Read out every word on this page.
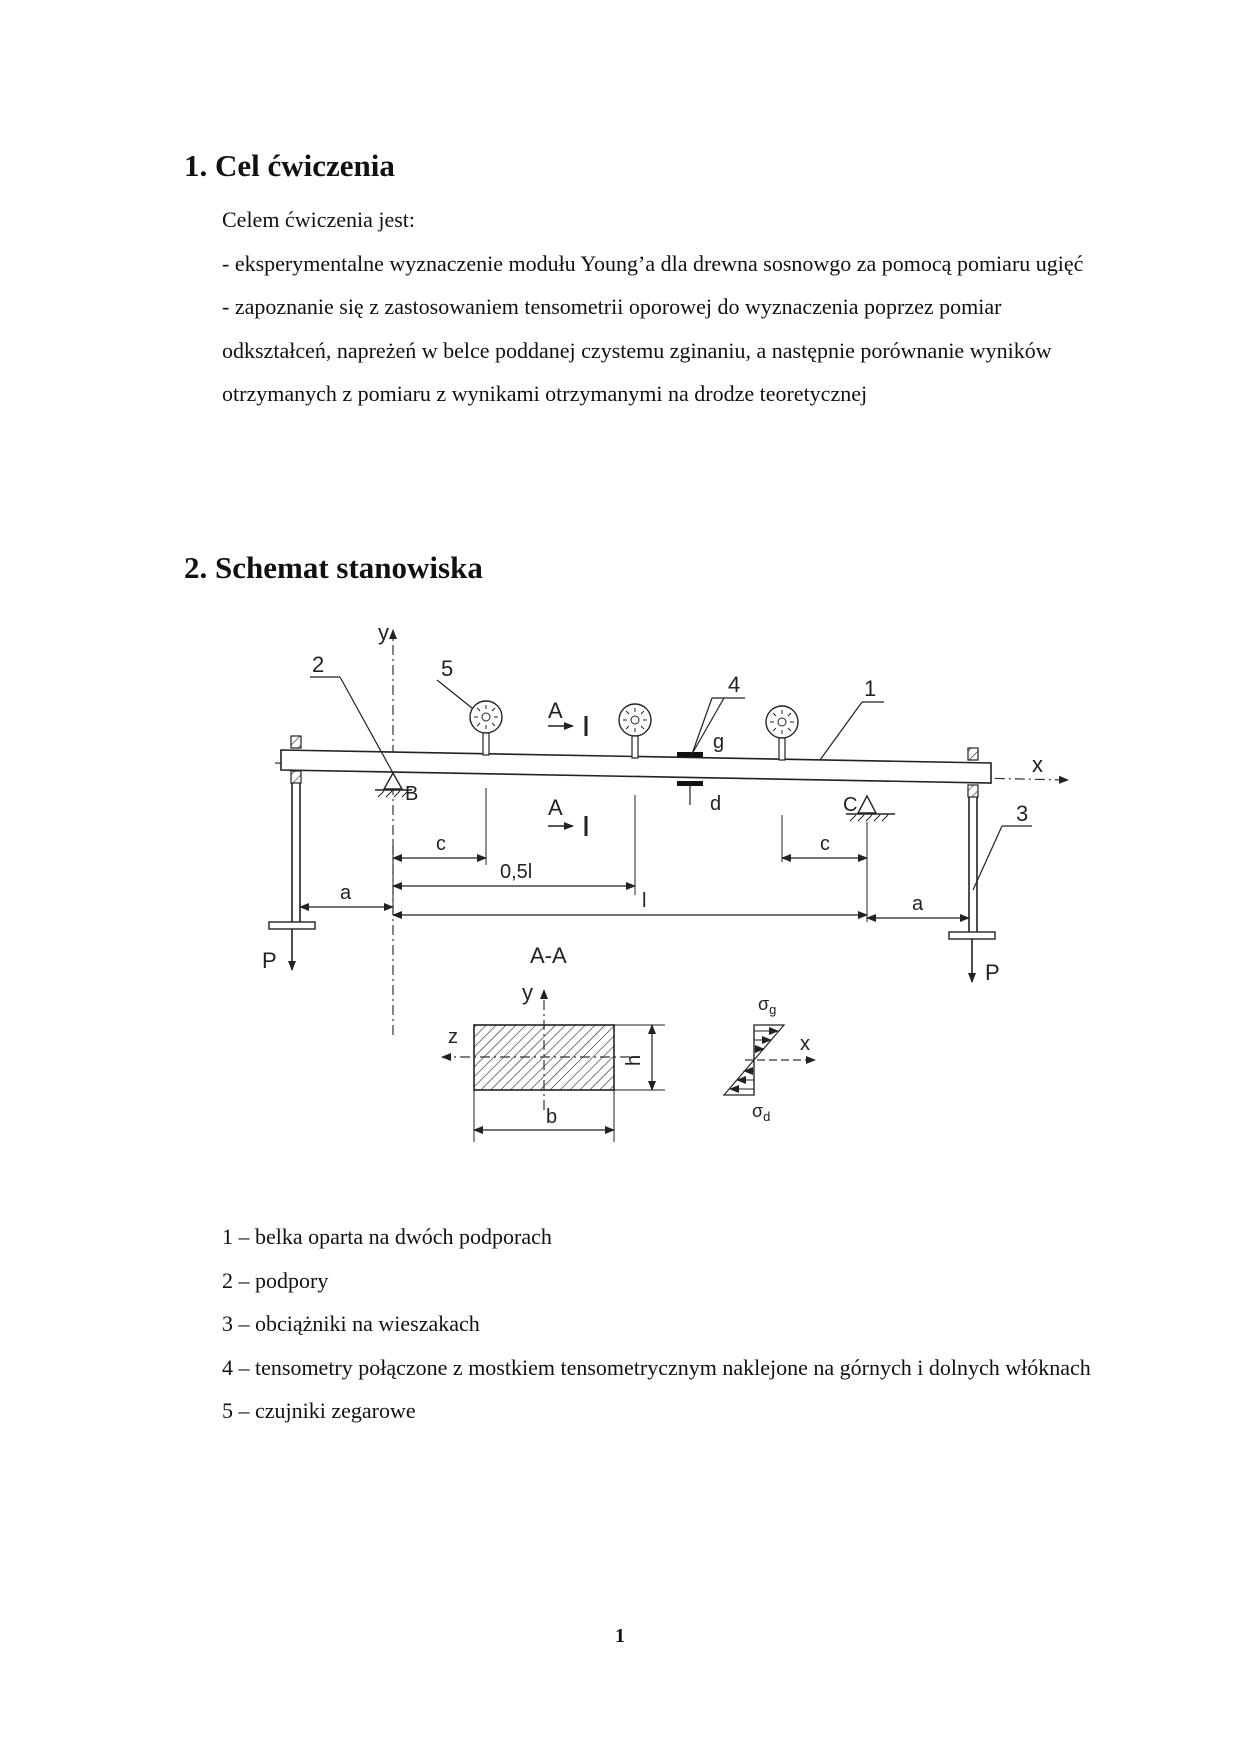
1. Cel ćwiczenia

Celem ćwiczenia jest:

- eksperymentalne wyznaczenie modułu Young’a dla drewna sosnowgo za pomocą pomiaru ugięć

- zapoznanie się z zastosowaniem tensometrii oporowej do wyznaczenia poprzez pomiar odkształceń, napreżeń w belce poddanej czystemu zginaniu, a następnie porównanie wyników otrzymanych z pomiaru z wynikami otrzymanymi na drodze teoretycznej

2. Schemat stanowiska
y
x
P	P
B	C
g
d
2	5
4	1
3
A
A
c
0,5l
c
l
a	a
A-A
y
z
h
b
x
$\sigma_g$
$\sigma_d$

1 – belka oparta na dwóch podporach

2 – podpory

3 – obciążniki na wieszakach

4 – tensometry połączone z mostkiem tensometrycznym naklejone na górnych i dolnych włóknach

5 – czujniki zegarowe

1
